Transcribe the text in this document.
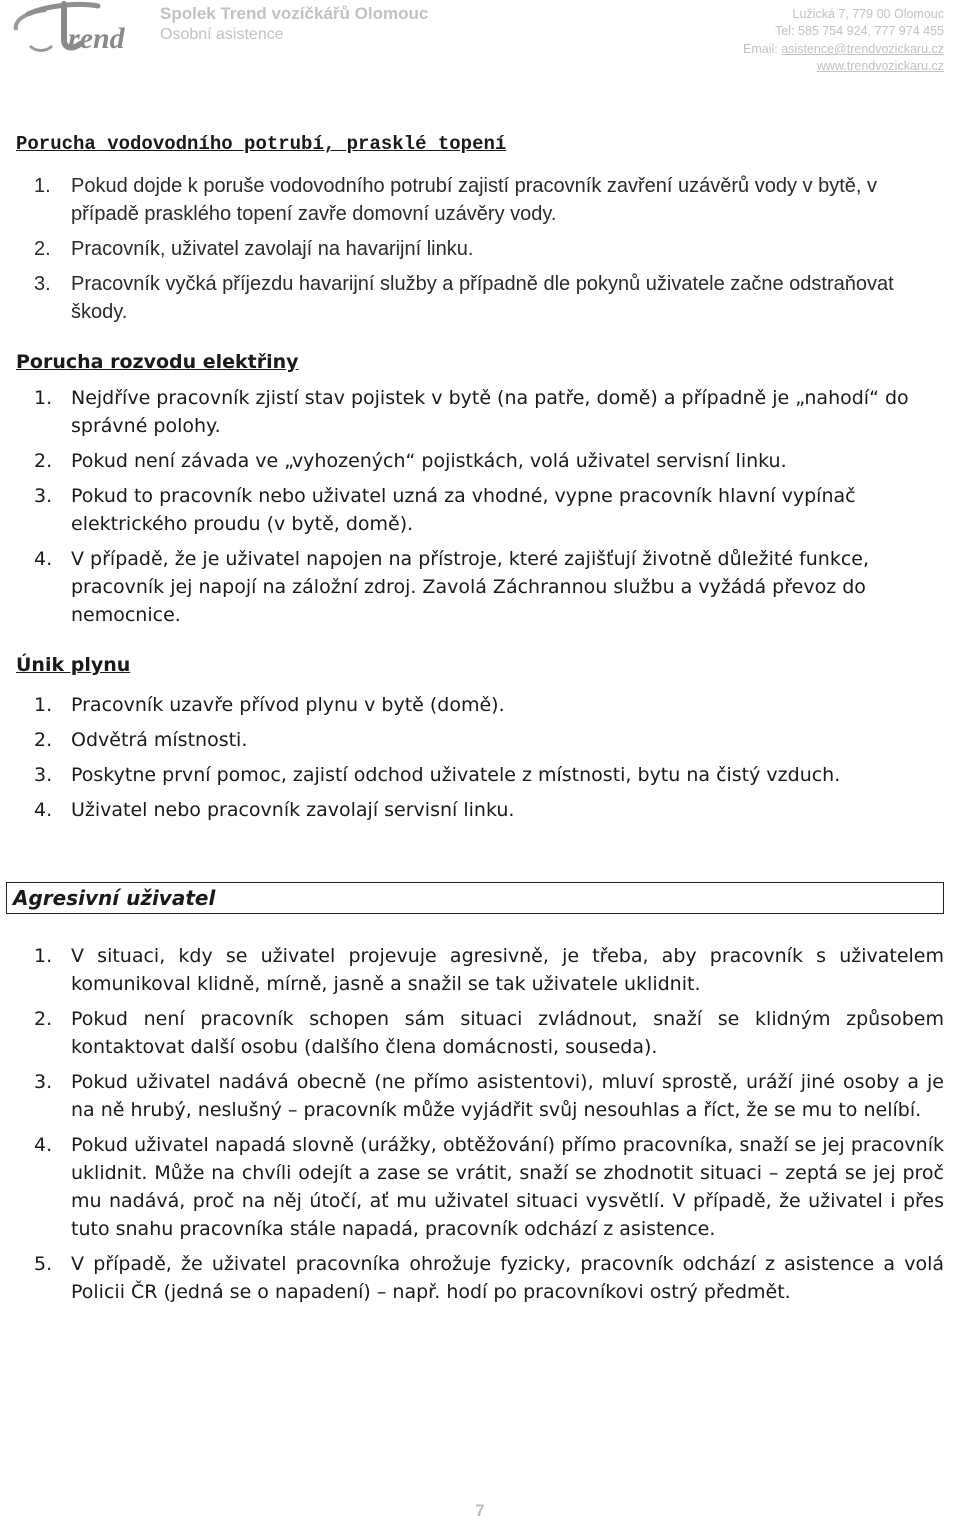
rend
Spolek Trend vozíčkářů Olomouc
Osobní asistence
Lužická 7, 779 00 Olomouc
Tel: 585 754 924, 777 974 455
Email: asistence@trendvozickaru.cz
www.trendvozickaru.cz
Porucha vodovodního potrubí, prasklé topení
1. Pokud dojde k poruše vodovodního potrubí zajistí pracovník zavření uzávěrů vody v bytě, v případě prasklého topení zavře domovní uzávěry vody.
2. Pracovník, uživatel zavolají na havarijní linku.
3. Pracovník vyčká příjezdu havarijní služby a případně dle pokynů uživatele začne odstraňovat škody.
Porucha rozvodu elektřiny
1. Nejdříve pracovník zjistí stav pojistek v bytě (na patře, domě) a případně je „nahodí“ do správné polohy.
2. Pokud není závada ve „vyhozených“ pojistkách, volá uživatel servisní linku.
3. Pokud to pracovník nebo uživatel uzná za vhodné, vypne pracovník hlavní vypínač elektrického proudu (v bytě, domě).
4. V případě, že je uživatel napojen na přístroje, které zajišťují životně důležité funkce, pracovník jej napojí na záložní zdroj. Zavolá Záchrannou službu a vyžádá převoz do nemocnice.
Únik plynu
1. Pracovník uzavře přívod plynu v bytě (domě).
2. Odvětrá místnosti.
3. Poskytne první pomoc, zajistí odchod uživatele z místnosti, bytu na čistý vzduch.
4. Uživatel nebo pracovník zavolají servisní linku.
Agresivní uživatel
1. V situaci, kdy se uživatel projevuje agresivně, je třeba, aby pracovník s uživatelem komunikoval klidně, mírně, jasně a snažil se tak uživatele uklidnit.
2. Pokud není pracovník schopen sám situaci zvládnout, snaží se klidným způsobem kontaktovat další osobu (dalšího člena domácnosti, souseda).
3. Pokud uživatel nadává obecně (ne přímo asistentovi), mluví sprostě, uráží jiné osoby a je na ně hrubý, neslušný – pracovník může vyjádřit svůj nesouhlas a říct, že se mu to nelíbí.
4. Pokud uživatel napadá slovně (urážky, obtěžování) přímo pracovníka, snaží se jej pracovník uklidnit. Může na chvíli odejít a zase se vrátit, snaží se zhodnotit situaci – zeptá se jej proč mu nadává, proč na něj útočí, ať mu uživatel situaci vysvětlí. V případě, že uživatel i přes tuto snahu pracovníka stále napadá, pracovník odchází z asistence.
5. V případě, že uživatel pracovníka ohrožuje fyzicky, pracovník odchází z asistence a volá Policii ČR (jedná se o napadení) – např. hodí po pracovníkovi ostrý předmět.
7
